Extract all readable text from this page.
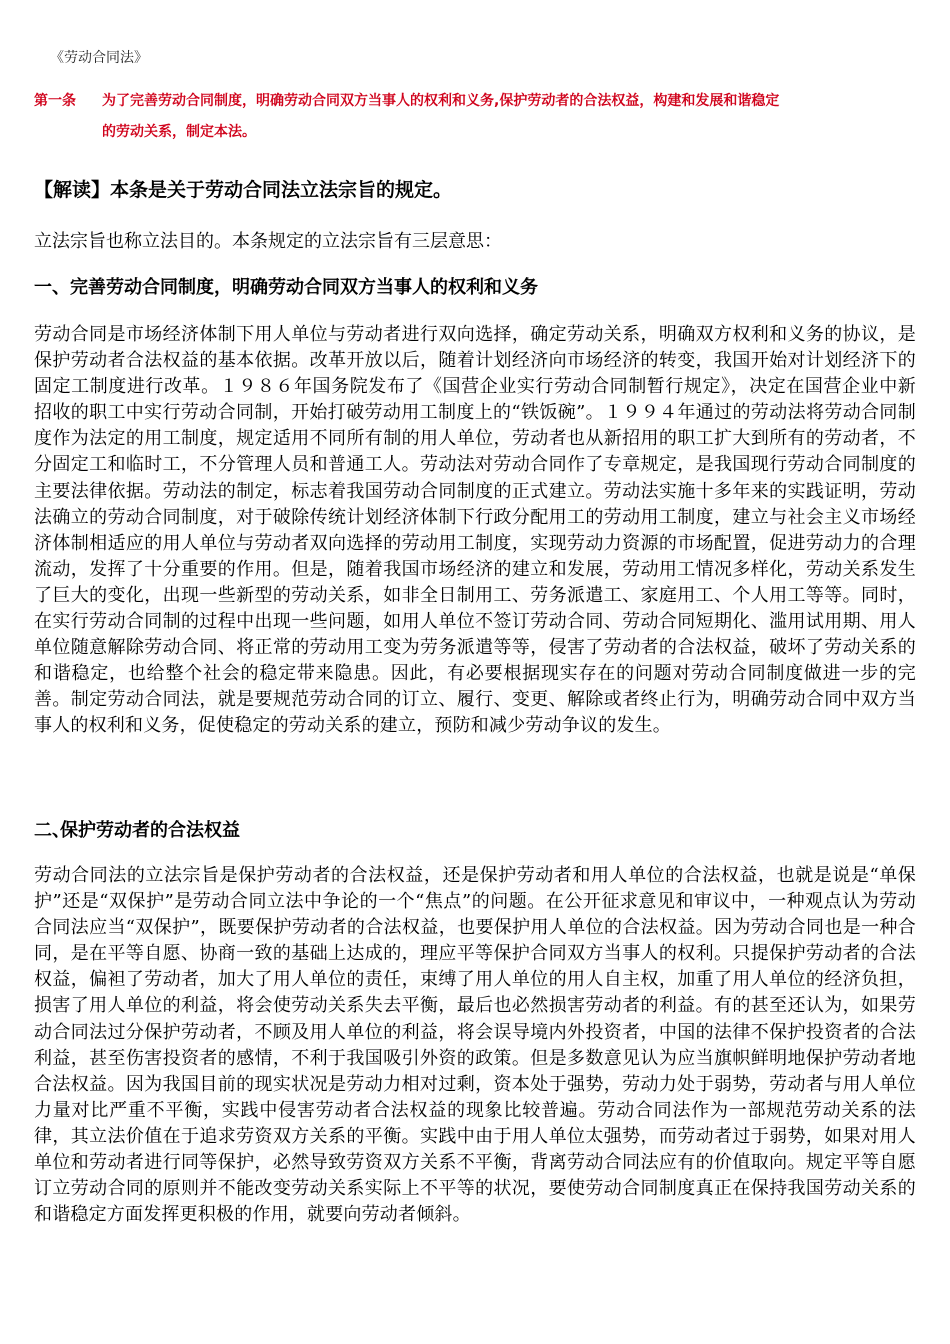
《劳动合同法》
第一条 为了完善劳动合同制度，明确劳动合同双方当事人的权利和义务,保护劳动者的合法权益，构建和发展和谐稳定
的劳动关系，制定本法。
【解读】本条是关于劳动合同法立法宗旨的规定。
立法宗旨也称立法目的。本条规定的立法宗旨有三层意思：
一、完善劳动合同制度，明确劳动合同双方当事人的权利和义务
劳动合同是市场经济体制下用人单位与劳动者进行双向选择，确定劳动关系，明确双方权利和义务的协议，是保护劳动者合法权益的基本依据。改革开放以后，随着计划经济向市场经济的转变，我国开始对计划经济下的固定工制度进行改革。１９８６年国务院发布了《国营企业实行劳动合同制暂行规定》，决定在国营企业中新招收的职工中实行劳动合同制，开始打破劳动用工制度上的“铁饭碗”。１９９４年通过的劳动法将劳动合同制度作为法定的用工制度，规定适用不同所有制的用人单位，劳动者也从新招用的职工扩大到所有的劳动者，不分固定工和临时工，不分管理人员和普通工人。劳动法对劳动合同作了专章规定，是我国现行劳动合同制度的主要法律依据。劳动法的制定，标志着我国劳动合同制度的正式建立。劳动法实施十多年来的实践证明，劳动法确立的劳动合同制度，对于破除传统计划经济体制下行政分配用工的劳动用工制度，建立与社会主义市场经济体制相适应的用人单位与劳动者双向选择的劳动用工制度，实现劳动力资源的市场配置，促进劳动力的合理流动，发挥了十分重要的作用。但是，随着我国市场经济的建立和发展，劳动用工情况多样化，劳动关系发生了巨大的变化，出现一些新型的劳动关系，如非全日制用工、劳务派遣工、家庭用工、个人用工等等。同时，在实行劳动合同制的过程中出现一些问题，如用人单位不签订劳动合同、劳动合同短期化、滥用试用期、用人单位随意解除劳动合同、将正常的劳动用工变为劳务派遣等等，侵害了劳动者的合法权益，破坏了劳动关系的和谐稳定，也给整个社会的稳定带来隐患。因此，有必要根据现实存在的问题对劳动合同制度做进一步的完善。制定劳动合同法，就是要规范劳动合同的订立、履行、变更、解除或者终止行为，明确劳动合同中双方当事人的权利和义务，促使稳定的劳动关系的建立，预防和减少劳动争议的发生。
二、保护劳动者的合法权益
劳动合同法的立法宗旨是保护劳动者的合法权益，还是保护劳动者和用人单位的合法权益，也就是说是“单保护”还是“双保护”是劳动合同立法中争论的一个“焦点”的问题。在公开征求意见和审议中，一种观点认为劳动合同法应当“双保护”，既要保护劳动者的合法权益，也要保护用人单位的合法权益。因为劳动合同也是一种合同，是在平等自愿、协商一致的基础上达成的，理应平等保护合同双方当事人的权利。只提保护劳动者的合法权益，偏袒了劳动者，加大了用人单位的责任，束缚了用人单位的用人自主权，加重了用人单位的经济负担，损害了用人单位的利益，将会使劳动关系失去平衡，最后也必然损害劳动者的利益。有的甚至还认为，如果劳动合同法过分保护劳动者，不顾及用人单位的利益，将会误导境内外投资者，中国的法律不保护投资者的合法利益，甚至伤害投资者的感情，不利于我国吸引外资的政策。但是多数意见认为应当旗帜鲜明地保护劳动者地合法权益。因为我国目前的现实状况是劳动力相对过剩，资本处于强势，劳动力处于弱势，劳动者与用人单位力量对比严重不平衡，实践中侵害劳动者合法权益的现象比较普遍。劳动合同法作为一部规范劳动关系的法律，其立法价值在于追求劳资双方关系的平衡。实践中由于用人单位太强势，而劳动者过于弱势，如果对用人单位和劳动者进行同等保护，必然导致劳资双方关系不平衡，背离劳动合同法应有的价值取向。规定平等自愿订立劳动合同的原则并不能改变劳动关系实际上不平等的状况，要使劳动合同制度真正在保持我国劳动关系的和谐稳定方面发挥更积极的作用，就要向劳动者倾斜。
